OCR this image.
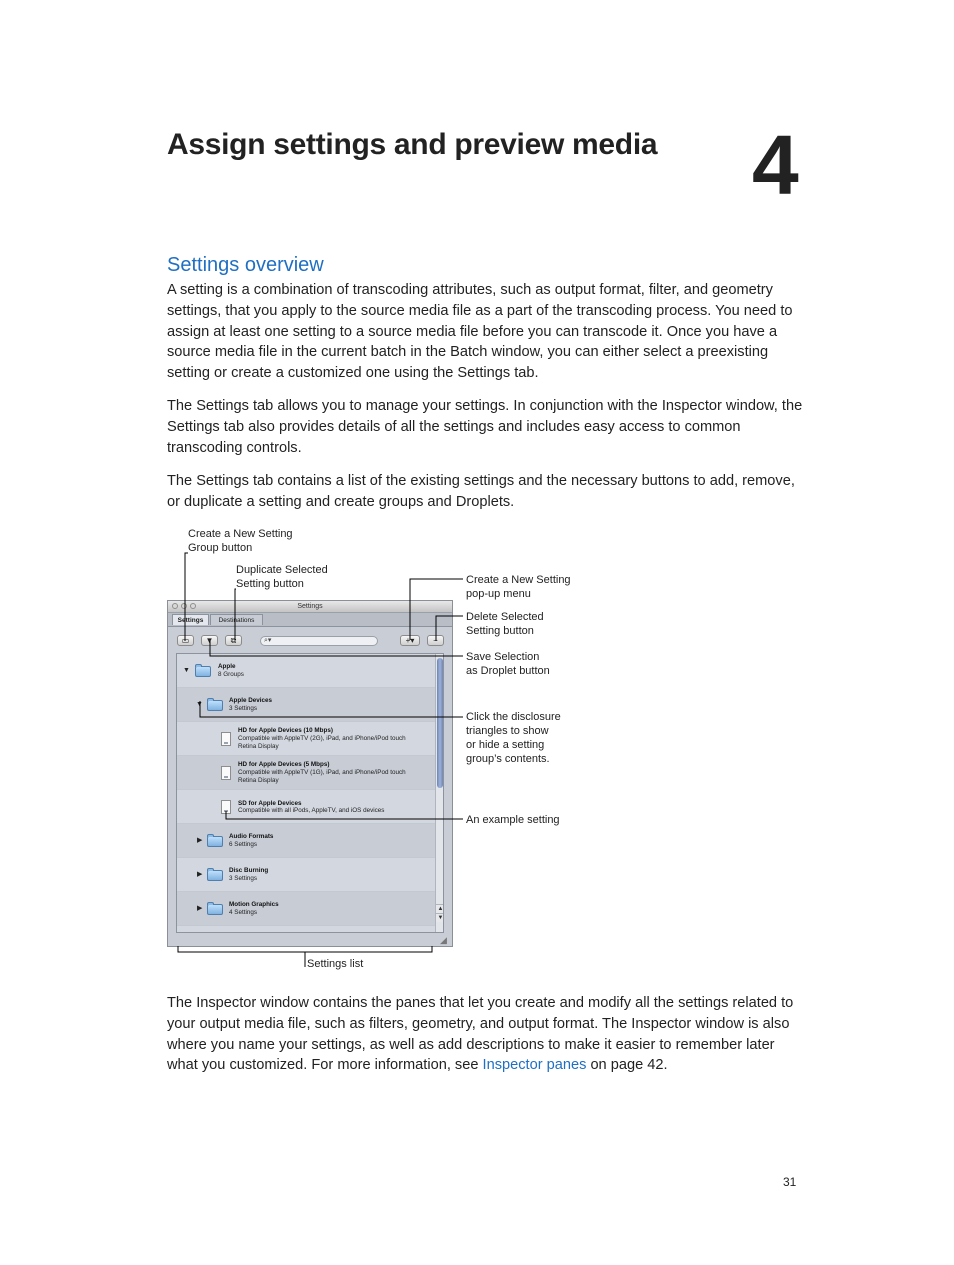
Assign settings and preview media 4
Settings overview
A setting is a combination of transcoding attributes, such as output format, filter, and geometry settings, that you apply to the source media file as a part of the transcoding process. You need to assign at least one setting to a source media file before you can transcode it. Once you have a source media file in the current batch in the Batch window, you can either select a preexisting setting or create a customized one using the Settings tab.
The Settings tab allows you to manage your settings. In conjunction with the Inspector window, the Settings tab also provides details of all the settings and includes easy access to common transcoding controls.
The Settings tab contains a list of the existing settings and the necessary buttons to add, remove, or duplicate a setting and create groups and Droplets.
The Inspector window contains the panes that let you create and modify all the settings related to your output media file, such as filters, geometry, and output format. The Inspector window is also where you name your settings, as well as add descriptions to make it easier to remember later what you customized. For more information, see Inspector panes on page 42.
Create a New Setting
Group button
Duplicate Selected
Setting button	Create a New Setting
pop-up menu
Delete Selected
Setting button
Save Selection
as Droplet button
Click the disclosure
triangles to show
or hide a setting
group’s contents.
An example setting
Settings list
Settings
Settings	Destinations
▭	▼	⧉	⌕▾	+▾	−
▼
Apple
8 Groups
▼
Apple Devices
3 Settings
HD for Apple Devices (10 Mbps)
Compatible with AppleTV (2G), iPad, and iPhone/iPod touch
Retina Display
HD for Apple Devices (5 Mbps)
Compatible with AppleTV (1G), iPad, and iPhone/iPod touch
Retina Display
SD for Apple Devices
Compatible with all iPods, AppleTV, and iOS devices
▶
Audio Formats
6 Settings
▶
Disc Burning
3 Settings
▶
Motion Graphics
4 Settings	▲
▼
◢
31
